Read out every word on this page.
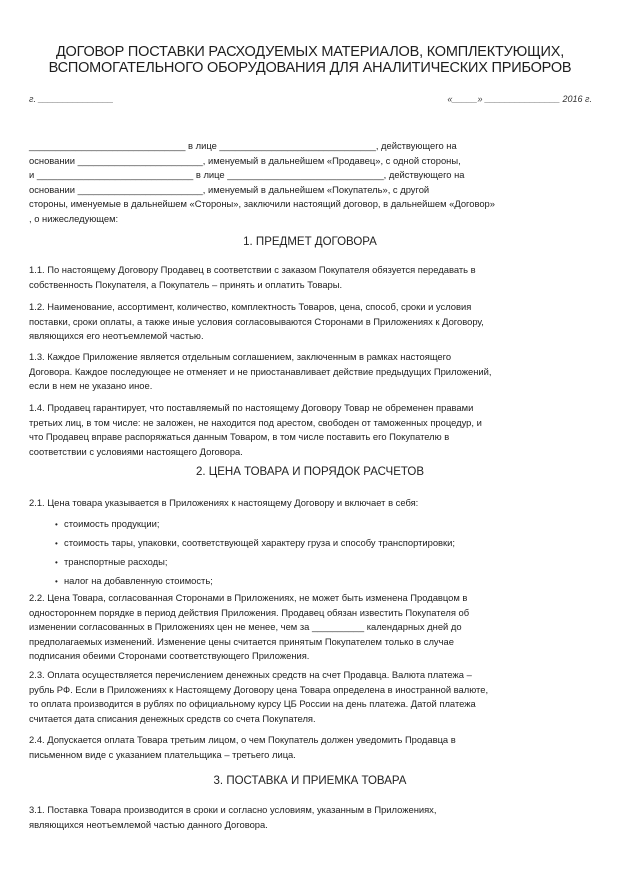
ДОГОВОР ПОСТАВКИ РАСХОДУЕМЫХ МАТЕРИАЛОВ, КОМПЛЕКТУЮЩИХ,
ВСПОМОГАТЕЛЬНОГО ОБОРУДОВАНИЯ ДЛЯ АНАЛИТИЧЕСКИХ ПРИБОРОВ
г. _______________	«_____» _______________ 2016 г.
______________________________ в лице ______________________________, действующего на
основании ________________________, именуемый в дальнейшем «Продавец», с одной стороны,
и ______________________________ в лице ______________________________, действующего на
основании ________________________, именуемый в дальнейшем «Покупатель», с другой
стороны, именуемые в дальнейшем «Стороны», заключили настоящий договор, в дальнейшем «Договор»
, о нижеследующем:
1. ПРЕДМЕТ ДОГОВОРА
1.1. По настоящему Договору Продавец в соответствии с заказом Покупателя обязуется передавать в
собственность Покупателя, а Покупатель – принять и оплатить Товары.
1.2. Наименование, ассортимент, количество, комплектность Товаров, цена, способ, сроки и условия
поставки, сроки оплаты, а также иные условия согласовываются Сторонами в Приложениях к Договору,
являющихся его неотъемлемой частью.
1.3. Каждое Приложение является отдельным соглашением, заключенным в рамках настоящего
Договора. Каждое последующее не отменяет и не приостанавливает действие предыдущих Приложений,
если в нем не указано иное.
1.4. Продавец гарантирует, что поставляемый по настоящему Договору Товар не обременен правами
третьих лиц, в том числе: не заложен, не находится под арестом, свободен от таможенных процедур, и
что Продавец вправе распоряжаться данным Товаром, в том числе поставить его Покупателю в
соответствии с условиями настоящего Договора.
2. ЦЕНА ТОВАРА И ПОРЯДОК РАСЧЕТОВ
2.1. Цена товара указывается в Приложениях к настоящему Договору и включает в себя:
• стоимость продукции;
• стоимость тары, упаковки, соответствующей характеру груза и способу транспортировки;
• транспортные расходы;
• налог на добавленную стоимость;
2.2. Цена Товара, согласованная Сторонами в Приложениях, не может быть изменена Продавцом в
одностороннем порядке в период действия Приложения. Продавец обязан известить Покупателя об
изменении согласованных в Приложениях цен не менее, чем за __________ календарных дней до
предполагаемых изменений. Изменение цены считается принятым Покупателем только в случае
подписания обеими Сторонами соответствующего Приложения.
2.3. Оплата осуществляется перечислением денежных средств на счет Продавца. Валюта платежа –
рубль РФ. Если в Приложениях к Настоящему Договору цена Товара определена в иностранной валюте,
то оплата производится в рублях по официальному курсу ЦБ России на день платежа. Датой платежа
считается дата списания денежных средств со счета Покупателя.
2.4. Допускается оплата Товара третьим лицом, о чем Покупатель должен уведомить Продавца в
письменном виде с указанием плательщика – третьего лица.
3. ПОСТАВКА И ПРИЕМКА ТОВАРА
3.1. Поставка Товара производится в сроки и согласно условиям, указанным в Приложениях,
являющихся неотъемлемой частью данного Договора.
